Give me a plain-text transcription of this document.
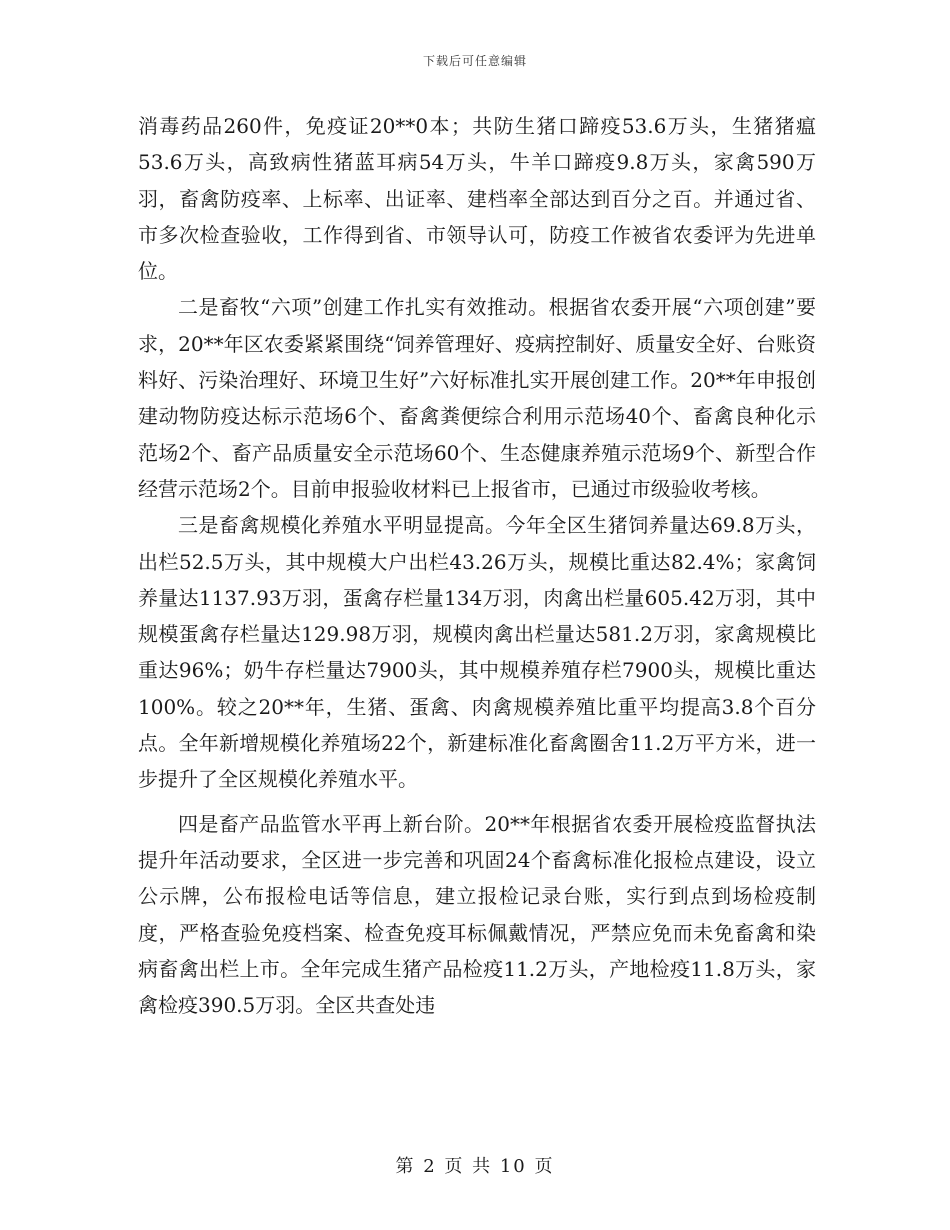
下载后可任意编辑

消毒药品260件，免疫证20**0本；共防生猪口蹄疫53.6万头，生猪猪瘟53.6万头，高致病性猪蓝耳病54万头，牛羊口蹄疫9.8万头，家禽590万羽，畜禽防疫率、上标率、出证率、建档率全部达到百分之百。并通过省、市多次检查验收，工作得到省、市领导认可，防疫工作被省农委评为先进单位。

二是畜牧“六项”创建工作扎实有效推动。根据省农委开展“六项创建”要求，20**年区农委紧紧围绕“饲养管理好、疫病控制好、质量安全好、台账资料好、污染治理好、环境卫生好”六好标准扎实开展创建工作。20**年申报创建动物防疫达标示范场6个、畜禽粪便综合利用示范场40个、畜禽良种化示范场2个、畜产品质量安全示范场60个、生态健康养殖示范场9个、新型合作经营示范场2个。目前申报验收材料已上报省市，已通过市级验收考核。

三是畜禽规模化养殖水平明显提高。今年全区生猪饲养量达69.8万头，出栏52.5万头，其中规模大户出栏43.26万头，规模比重达82.4%；家禽饲养量达1137.93万羽，蛋禽存栏量134万羽，肉禽出栏量605.42万羽，其中规模蛋禽存栏量达129.98万羽，规模肉禽出栏量达581.2万羽，家禽规模比重达96%；奶牛存栏量达7900头，其中规模养殖存栏7900头，规模比重达100%。较之20**年，生猪、蛋禽、肉禽规模养殖比重平均提高3.8个百分点。全年新增规模化养殖场22个，新建标准化畜禽圈舍11.2万平方米，进一步提升了全区规模化养殖水平。

四是畜产品监管水平再上新台阶。20**年根据省农委开展检疫监督执法提升年活动要求，全区进一步完善和巩固24个畜禽标准化报检点建设，设立公示牌，公布报检电话等信息，建立报检记录台账，实行到点到场检疫制度，严格查验免疫档案、检查免疫耳标佩戴情况，严禁应免而未免畜禽和染病畜禽出栏上市。全年完成生猪产品检疫11.2万头，产地检疫11.8万头，家禽检疫390.5万羽。全区共查处违

第 2 页 共 10 页
